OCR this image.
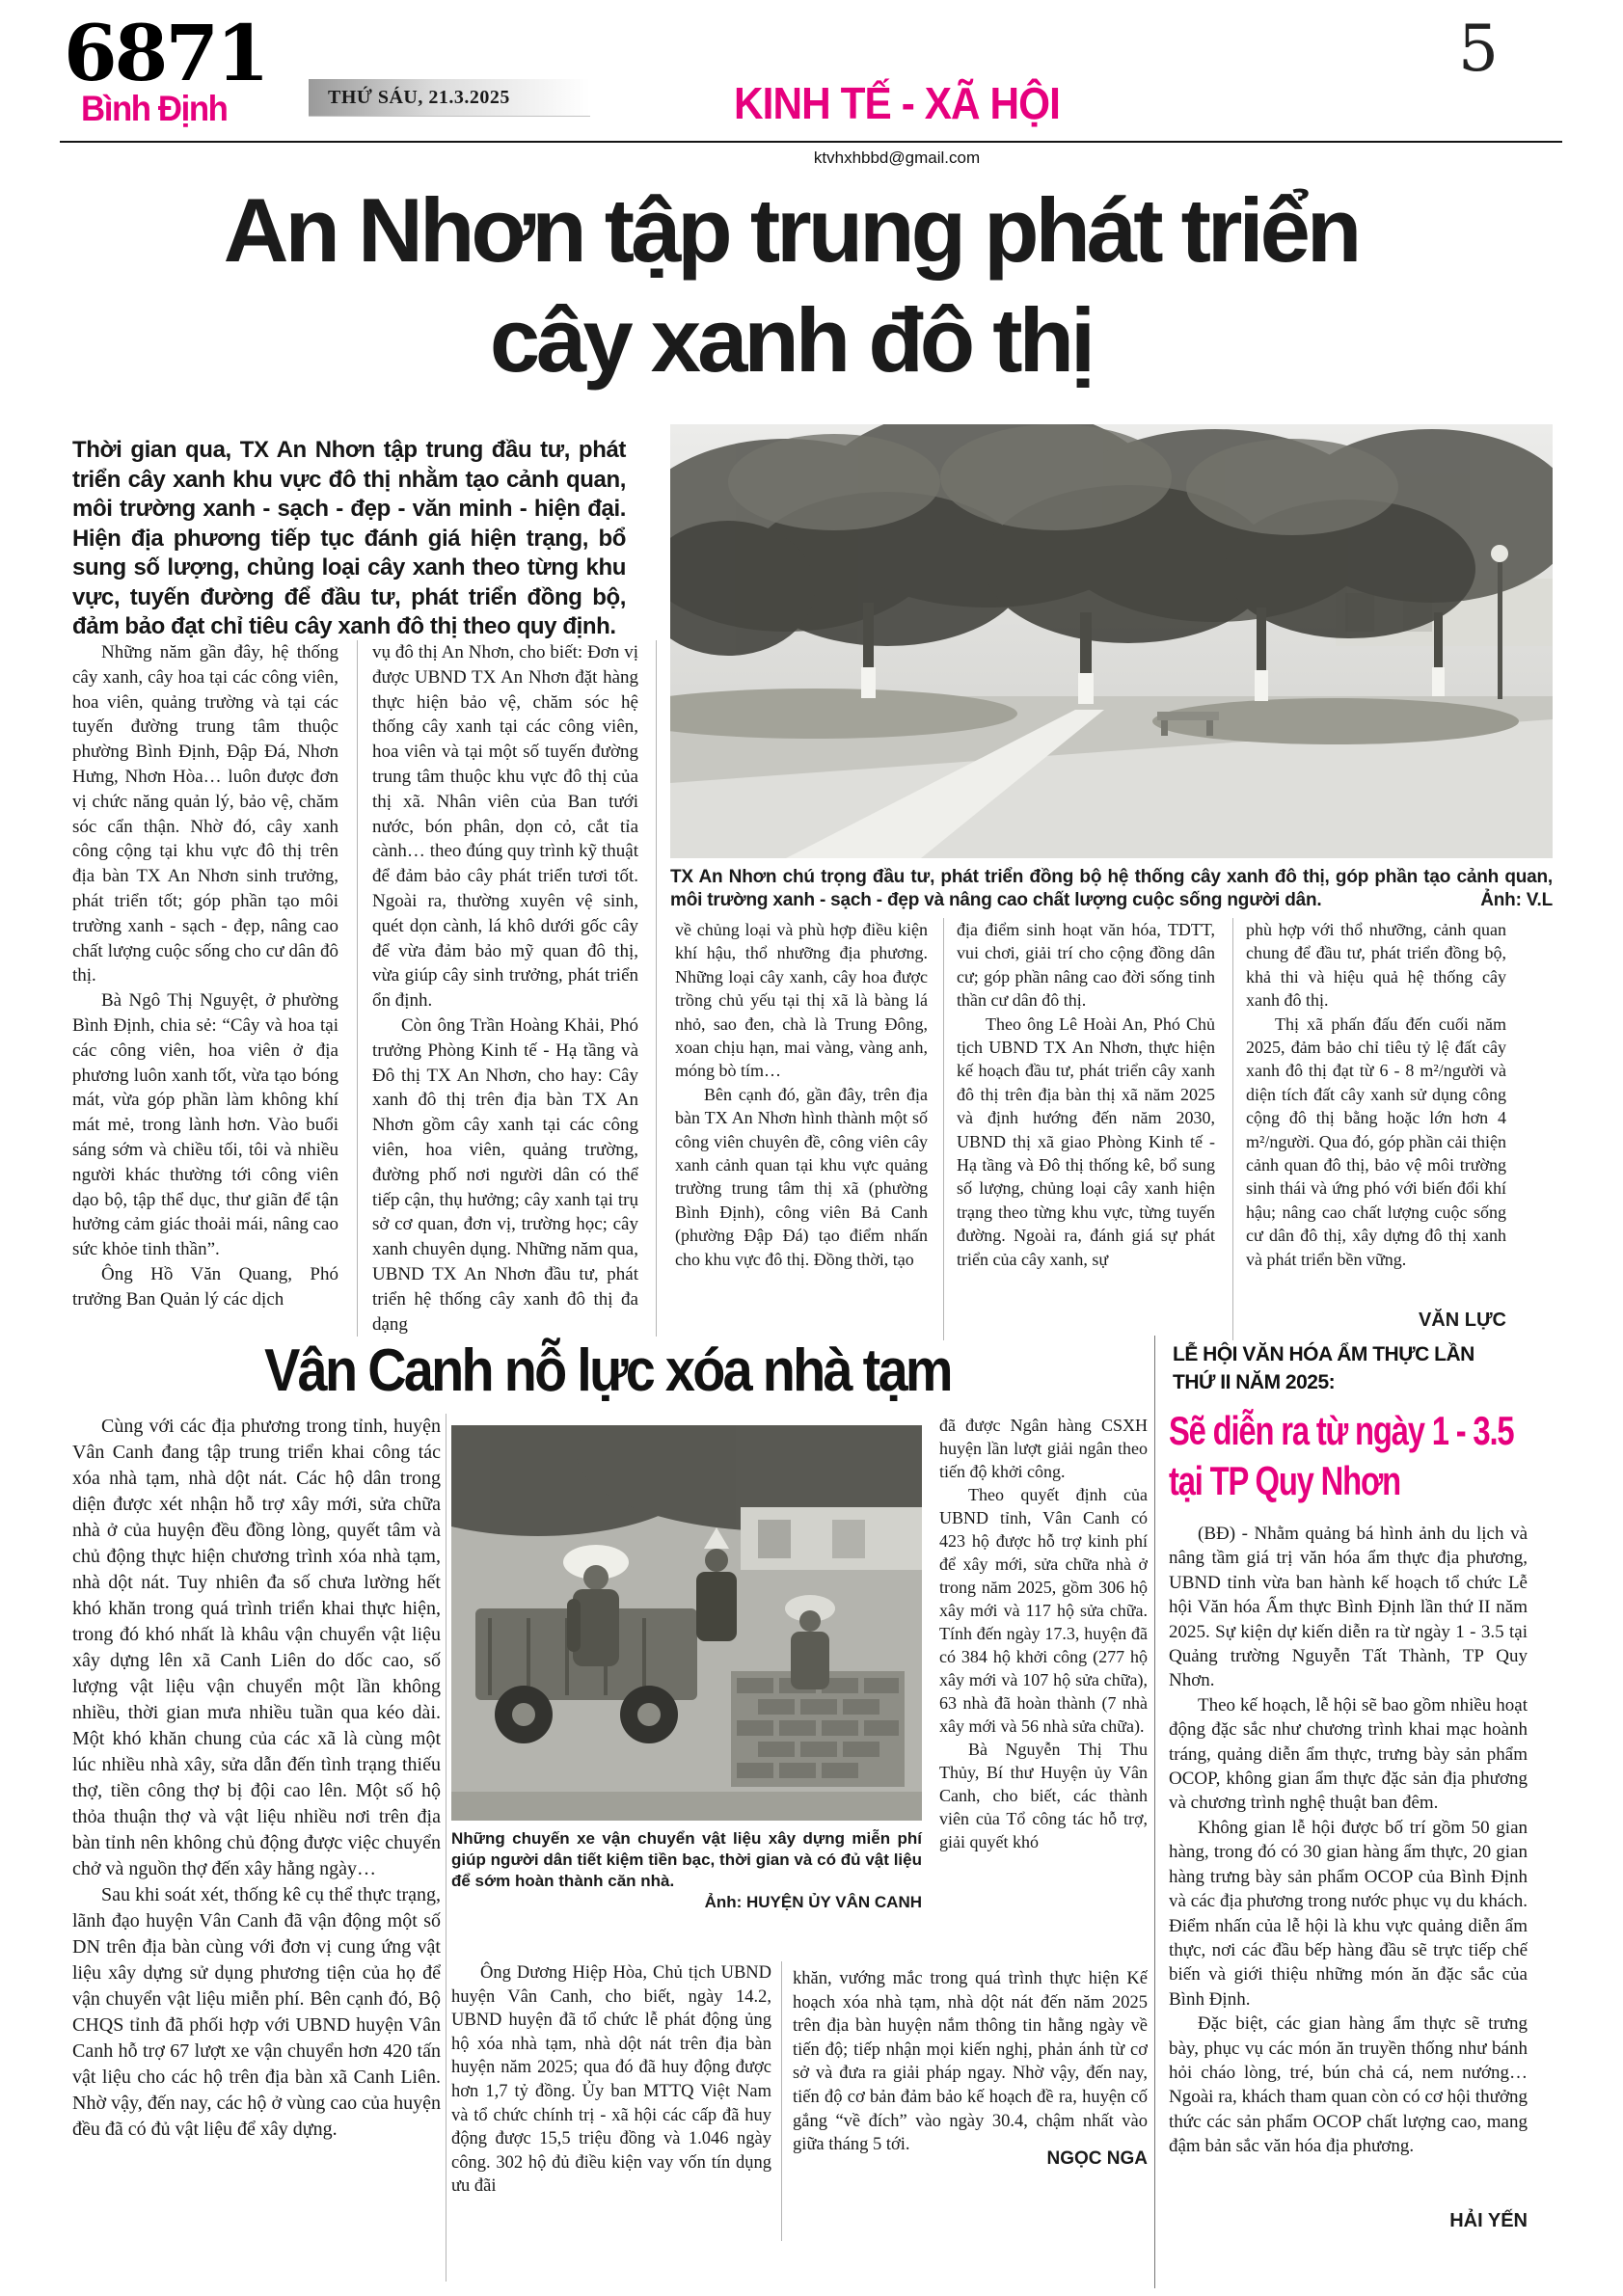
6871
Bình Định	THỨ SÁU, 21.3.2025	KINH TẾ - XÃ HỘI
ktvhxhbbd@gmail.com
5
An Nhơn tập trung phát triển
cây xanh đô thị
Thời gian qua, TX An Nhơn tập trung đầu tư, phát triển cây xanh khu vực đô thị nhằm tạo cảnh quan, môi trường xanh - sạch - đẹp - văn minh - hiện đại. Hiện địa phương tiếp tục đánh giá hiện trạng, bổ sung số lượng, chủng loại cây xanh theo từng khu vực, tuyến đường để đầu tư, phát triển đồng bộ, đảm bảo đạt chỉ tiêu cây xanh đô thị theo quy định.

TX An Nhơn chú trọng đầu tư, phát triển đồng bộ hệ thống cây xanh đô thị, góp phần tạo cảnh quan, môi trường xanh - sạch - đẹp và nâng cao chất lượng cuộc sống người dân.	Ảnh: V.L

Những năm gần đây, hệ thống cây xanh, cây hoa tại các công viên, hoa viên, quảng trường và tại các tuyến đường trung tâm thuộc phường Bình Định, Đập Đá, Nhơn Hưng, Nhơn Hòa… luôn được đơn vị chức năng quản lý, bảo vệ, chăm sóc cẩn thận. Nhờ đó, cây xanh công cộng tại khu vực đô thị trên địa bàn TX An Nhơn sinh trưởng, phát triển tốt; góp phần tạo môi trường xanh - sạch - đẹp, nâng cao chất lượng cuộc sống cho cư dân đô thị.

Bà Ngô Thị Nguyệt, ở phường Bình Định, chia sẻ: “Cây và hoa tại các công viên, hoa viên ở địa phương luôn xanh tốt, vừa tạo bóng mát, vừa góp phần làm không khí mát mẻ, trong lành hơn. Vào buổi sáng sớm và chiều tối, tôi và nhiều người khác thường tới công viên dạo bộ, tập thể dục, thư giãn để tận hưởng cảm giác thoải mái, nâng cao sức khỏe tinh thần”.

Ông Hồ Văn Quang, Phó trưởng Ban Quản lý các dịch

vụ đô thị An Nhơn, cho biết: Đơn vị được UBND TX An Nhơn đặt hàng thực hiện bảo vệ, chăm sóc hệ thống cây xanh tại các công viên, hoa viên và tại một số tuyến đường trung tâm thuộc khu vực đô thị của thị xã. Nhân viên của Ban tưới nước, bón phân, dọn cỏ, cắt tỉa cành… theo đúng quy trình kỹ thuật để đảm bảo cây phát triển tươi tốt. Ngoài ra, thường xuyên vệ sinh, quét dọn cành, lá khô dưới gốc cây để vừa đảm bảo mỹ quan đô thị, vừa giúp cây sinh trưởng, phát triển ổn định.

Còn ông Trần Hoàng Khải, Phó trưởng Phòng Kinh tế - Hạ tầng và Đô thị TX An Nhơn, cho hay: Cây xanh đô thị trên địa bàn TX An Nhơn gồm cây xanh tại các công viên, hoa viên, quảng trường, đường phố nơi người dân có thể tiếp cận, thụ hưởng; cây xanh tại trụ sở cơ quan, đơn vị, trường học; cây xanh chuyên dụng. Những năm qua, UBND TX An Nhơn đầu tư, phát triển hệ thống cây xanh đô thị đa dạng

về chủng loại và phù hợp điều kiện khí hậu, thổ nhưỡng địa phương. Những loại cây xanh, cây hoa được trồng chủ yếu tại thị xã là bàng lá nhỏ, sao đen, chà là Trung Đông, xoan chịu hạn, mai vàng, vàng anh, móng bò tím…

Bên cạnh đó, gần đây, trên địa bàn TX An Nhơn hình thành một số công viên chuyên đề, công viên cây xanh cảnh quan tại khu vực quảng trường trung tâm thị xã (phường Bình Định), công viên Bả Canh (phường Đập Đá) tạo điểm nhấn cho khu vực đô thị. Đồng thời, tạo

địa điểm sinh hoạt văn hóa, TDTT, vui chơi, giải trí cho cộng đồng dân cư; góp phần nâng cao đời sống tinh thần cư dân đô thị.

Theo ông Lê Hoài An, Phó Chủ tịch UBND TX An Nhơn, thực hiện kế hoạch đầu tư, phát triển cây xanh đô thị trên địa bàn thị xã năm 2025 và định hướng đến năm 2030, UBND thị xã giao Phòng Kinh tế - Hạ tầng và Đô thị thống kê, bổ sung số lượng, chủng loại cây xanh hiện trạng theo từng khu vực, từng tuyến đường. Ngoài ra, đánh giá sự phát triển của cây xanh, sự

phù hợp với thổ nhưỡng, cảnh quan chung để đầu tư, phát triển đồng bộ, khả thi và hiệu quả hệ thống cây xanh đô thị.

Thị xã phấn đấu đến cuối năm 2025, đảm bảo chỉ tiêu tỷ lệ đất cây xanh đô thị đạt từ 6 - 8 m²/người và diện tích đất cây xanh sử dụng công cộng đô thị bằng hoặc lớn hơn 4 m²/người. Qua đó, góp phần cải thiện cảnh quan đô thị, bảo vệ môi trường sinh thái và ứng phó với biến đổi khí hậu; nâng cao chất lượng cuộc sống cư dân đô thị, xây dựng đô thị xanh và phát triển bền vững.

VĂN LỰC
Vân Canh nỗ lực xóa nhà tạm

Cùng với các địa phương trong tỉnh, huyện Vân Canh đang tập trung triển khai công tác xóa nhà tạm, nhà dột nát. Các hộ dân trong diện được xét nhận hỗ trợ xây mới, sửa chữa nhà ở của huyện đều đồng lòng, quyết tâm và chủ động thực hiện chương trình xóa nhà tạm, nhà dột nát. Tuy nhiên đa số chưa lường hết khó khăn trong quá trình triển khai thực hiện, trong đó khó nhất là khâu vận chuyển vật liệu xây dựng lên xã Canh Liên do dốc cao, số lượng vật liệu vận chuyển một lần không nhiều, thời gian mưa nhiều tuần qua kéo dài. Một khó khăn chung của các xã là cùng một lúc nhiều nhà xây, sửa dẫn đến tình trạng thiếu thợ, tiền công thợ bị đội cao lên. Một số hộ thỏa thuận thợ và vật liệu nhiều nơi trên địa bàn tỉnh nên không chủ động được việc chuyển chở và nguồn thợ đến xây hằng ngày…

Sau khi soát xét, thống kê cụ thể thực trạng, lãnh đạo huyện Vân Canh đã vận động một số DN trên địa bàn cùng với đơn vị cung ứng vật liệu xây dựng sử dụng phương tiện của họ để vận chuyển vật liệu miễn phí. Bên cạnh đó, Bộ CHQS tỉnh đã phối hợp với UBND huyện Vân Canh hỗ trợ 67 lượt xe vận chuyển hơn 420 tấn vật liệu cho các hộ trên địa bàn xã Canh Liên. Nhờ vậy, đến nay, các hộ ở vùng cao của huyện đều đã có đủ vật liệu để xây dựng.

Những chuyến xe vận chuyển vật liệu xây dựng miễn phí giúp người dân tiết kiệm tiền bạc, thời gian và có đủ vật liệu để sớm hoàn thành căn nhà.

Ảnh: HUYỆN ỦY VÂN CANH

đã được Ngân hàng CSXH huyện lần lượt giải ngân theo tiến độ khởi công.

Theo quyết định của UBND tỉnh, Vân Canh có 423 hộ được hỗ trợ kinh phí để xây mới, sửa chữa nhà ở trong năm 2025, gồm 306 hộ xây mới và 117 hộ sửa chữa. Tính đến ngày 17.3, huyện đã có 384 hộ khởi công (277 hộ xây mới và 107 hộ sửa chữa), 63 nhà đã hoàn thành (7 nhà xây mới và 56 nhà sửa chữa).

Bà Nguyễn Thị Thu Thủy, Bí thư Huyện ủy Vân Canh, cho biết, các thành viên của Tổ công tác hỗ trợ, giải quyết khó

Ông Dương Hiệp Hòa, Chủ tịch UBND huyện Vân Canh, cho biết, ngày 14.2, UBND huyện đã tổ chức lễ phát động ủng hộ xóa nhà tạm, nhà dột nát trên địa bàn huyện năm 2025; qua đó đã huy động được hơn 1,7 tỷ đồng. Ủy ban MTTQ Việt Nam và tổ chức chính trị - xã hội các cấp đã huy động được 15,5 triệu đồng và 1.046 ngày công. 302 hộ đủ điều kiện vay vốn tín dụng ưu đãi

khăn, vướng mắc trong quá trình thực hiện Kế hoạch xóa nhà tạm, nhà dột nát đến năm 2025 trên địa bàn huyện nắm thông tin hằng ngày về tiến độ; tiếp nhận mọi kiến nghị, phản ánh từ cơ sở và đưa ra giải pháp ngay. Nhờ vậy, đến nay, tiến độ cơ bản đảm bảo kế hoạch đề ra, huyện cố gắng “về đích” vào ngày 30.4, chậm nhất vào giữa tháng 5 tới.

NGỌC NGA
LỄ HỘI VĂN HÓA ẨM THỰC LẦN THỨ II NĂM 2025:
Sẽ diễn ra từ ngày 1 - 3.5
tại TP Quy Nhơn

(BĐ) - Nhằm quảng bá hình ảnh du lịch và nâng tầm giá trị văn hóa ẩm thực địa phương, UBND tỉnh vừa ban hành kế hoạch tổ chức Lễ hội Văn hóa Ẩm thực Bình Định lần thứ II năm 2025. Sự kiện dự kiến diễn ra từ ngày 1 - 3.5 tại Quảng trường Nguyễn Tất Thành, TP Quy Nhơn.

Theo kế hoạch, lễ hội sẽ bao gồm nhiều hoạt động đặc sắc như chương trình khai mạc hoành tráng, quảng diễn ẩm thực, trưng bày sản phẩm OCOP, không gian ẩm thực đặc sản địa phương và chương trình nghệ thuật ban đêm.

Không gian lễ hội được bố trí gồm 50 gian hàng, trong đó có 30 gian hàng ẩm thực, 20 gian hàng trưng bày sản phẩm OCOP của Bình Định và các địa phương trong nước phục vụ du khách. Điểm nhấn của lễ hội là khu vực quảng diễn ẩm thực, nơi các đầu bếp hàng đầu sẽ trực tiếp chế biến và giới thiệu những món ăn đặc sắc của Bình Định.

Đặc biệt, các gian hàng ẩm thực sẽ trưng bày, phục vụ các món ăn truyền thống như bánh hỏi cháo lòng, tré, bún chả cá, nem nướng… Ngoài ra, khách tham quan còn có cơ hội thưởng thức các sản phẩm OCOP chất lượng cao, mang đậm bản sắc văn hóa địa phương.

HẢI YẾN
